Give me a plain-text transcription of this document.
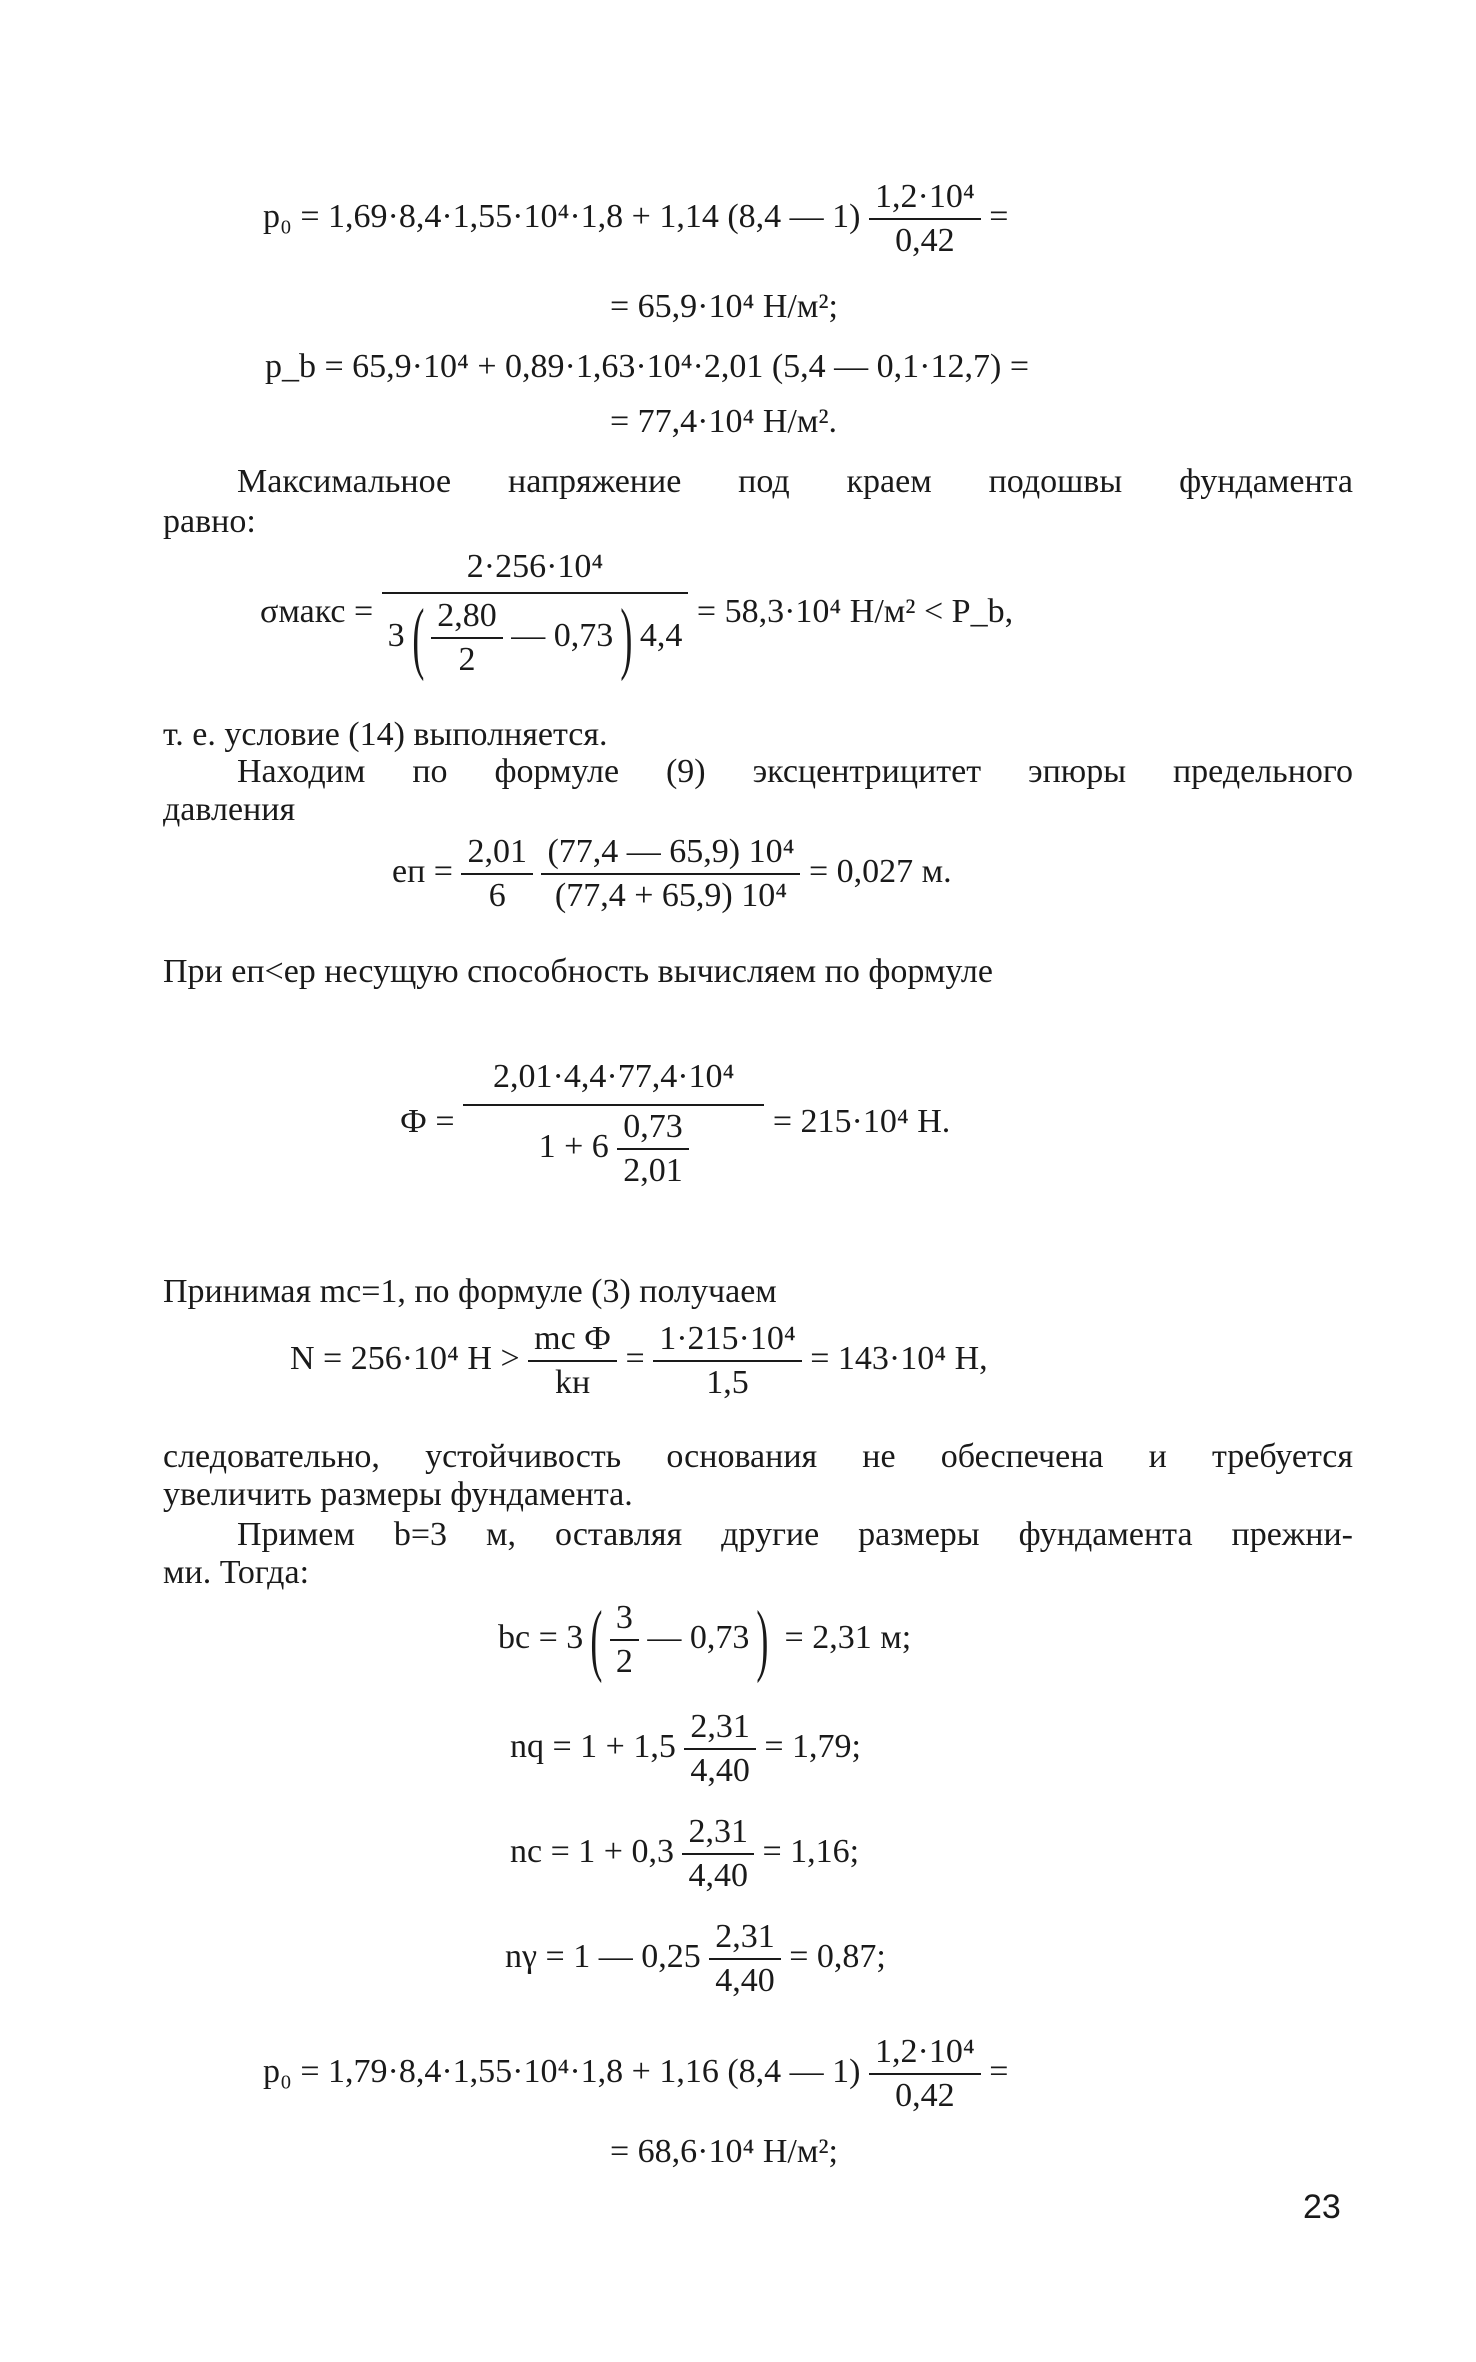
p₀ = 1,69·8,4·1,55·10⁴·1,8 + 1,14 (8,4 — $1) \frac{\text{1,2·10⁴}}{0,42}$ =
= 65,9·10⁴ Н/м²;
p_b = 65,9·10⁴ + 0,89·1,63·10⁴·2,01 (5,4 — 0,1·12,7) =
= 77,4·10⁴ Н/м².
Максимальное напряжение под краем подошвы фундамента
равно:
σмакс = $\frac{\text{2·256·10⁴}}{3( \frac{2,80}{2} — 0,73) 4,4} = 58,3\cdot 10^4$ Н/м² < P_b,
т. е. условие (14) выполняется.
Находим по формуле (9) эксцентрицитет эпюры предельного
давления
eп = $\frac{2,01}{6}$
$\frac{\text{(77,4 — 65,9) 10⁴}}{\text{(77,4 + 65,9) 10⁴}} = 0,027$ м.
При eп<eр несущую способность вычисляем по формуле
$Ф = \frac{\text{2,01·4,4·77,4·10⁴}}{1 + 6 \frac{0,73}{2,01}} = 215\cdot 10^4$ Н.
Принимая mс=1, по формуле (3) получаем
N = 256·10⁴ $Н > \frac{\text{mс Ф}}{kн} = \frac{\text{1·215·10⁴}}{1,5} = 143\cdot 10^4$ Н,
следовательно, устойчивость основания не обеспечена и требуется
увеличить размеры фундамента.
Примем b=3 м, оставляя другие размеры фундамента прежни-
ми. Тогда:
bс = $3( \frac{3}{2}$ — 0,73) = 2,31 м;
nq = $1 + 1,5 \frac{2,31}{4,40} = 1,79$;
nс = $1 + 0,3 \frac{2,31}{4,40} = 1,16$;
nγ = 1 — $0,25 \frac{2,31}{4,40} = 0,87$;
p₀ = 1,79·8,4·1,55·10⁴·1,8 + 1,16 (8,4 — $1) \frac{\text{1,2·10⁴}}{0,42}$ =
= 68,6·10⁴ Н/м²;
23
